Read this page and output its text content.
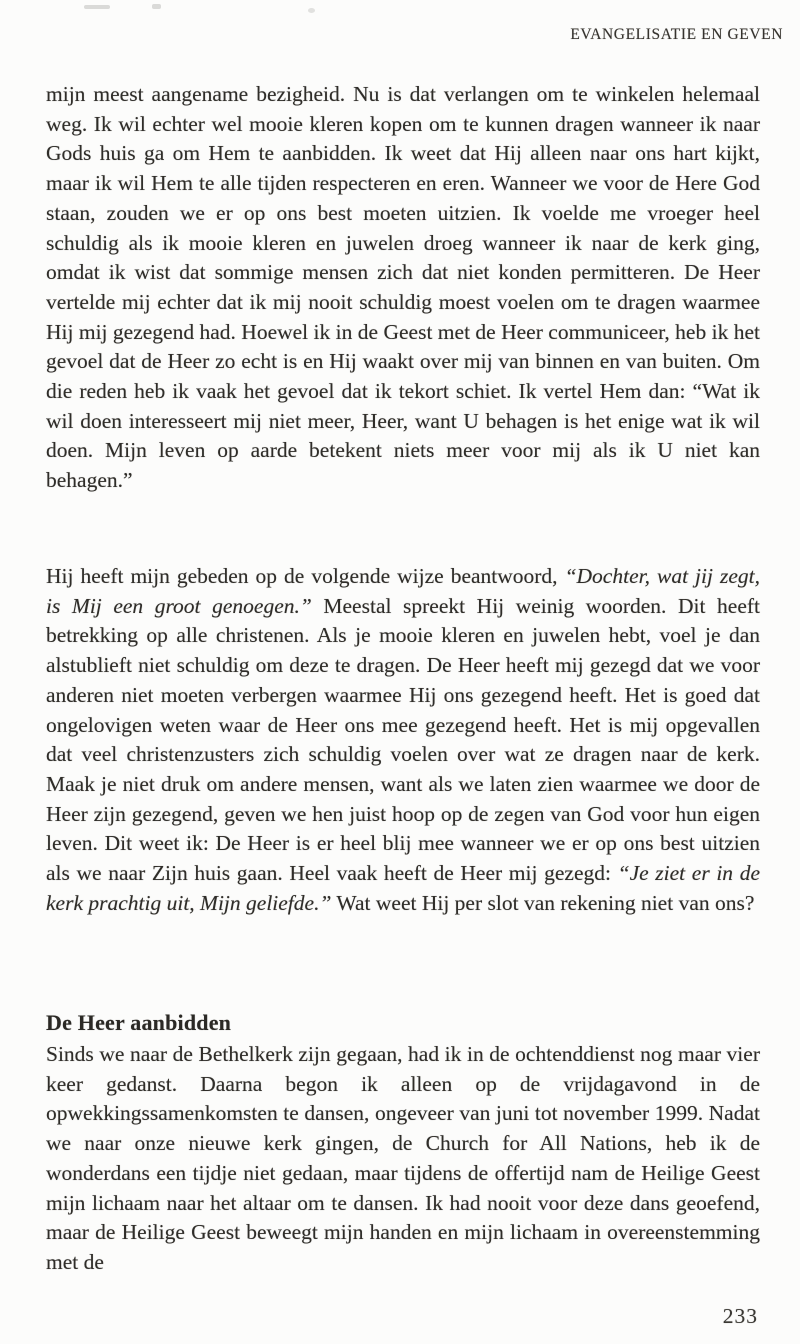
EVANGELISATIE EN GEVEN

mijn meest aangename bezigheid. Nu is dat verlangen om te winkelen helemaal weg. Ik wil echter wel mooie kleren kopen om te kunnen dragen wanneer ik naar Gods huis ga om Hem te aanbidden. Ik weet dat Hij alleen naar ons hart kijkt, maar ik wil Hem te alle tijden respecteren en eren. Wanneer we voor de Here God staan, zouden we er op ons best moeten uitzien. Ik voelde me vroeger heel schuldig als ik mooie kleren en juwelen droeg wanneer ik naar de kerk ging, omdat ik wist dat sommige mensen zich dat niet konden permitteren. De Heer vertelde mij echter dat ik mij nooit schuldig moest voelen om te dragen waarmee Hij mij gezegend had. Hoewel ik in de Geest met de Heer communiceer, heb ik het gevoel dat de Heer zo echt is en Hij waakt over mij van binnen en van buiten. Om die reden heb ik vaak het gevoel dat ik tekort schiet. Ik vertel Hem dan: “Wat ik wil doen interesseert mij niet meer, Heer, want U behagen is het enige wat ik wil doen. Mijn leven op aarde betekent niets meer voor mij als ik U niet kan behagen.”

Hij heeft mijn gebeden op de volgende wijze beantwoord, “Dochter, wat jij zegt, is Mij een groot genoegen.” Meestal spreekt Hij weinig woorden. Dit heeft betrekking op alle christenen. Als je mooie kleren en juwelen hebt, voel je dan alstublieft niet schuldig om deze te dragen. De Heer heeft mij gezegd dat we voor anderen niet moeten verbergen waarmee Hij ons gezegend heeft. Het is goed dat ongelovigen weten waar de Heer ons mee gezegend heeft. Het is mij opgevallen dat veel christenzusters zich schuldig voelen over wat ze dragen naar de kerk. Maak je niet druk om andere mensen, want als we laten zien waarmee we door de Heer zijn gezegend, geven we hen juist hoop op de zegen van God voor hun eigen leven. Dit weet ik: De Heer is er heel blij mee wanneer we er op ons best uitzien als we naar Zijn huis gaan. Heel vaak heeft de Heer mij gezegd: “Je ziet er in de kerk prachtig uit, Mijn geliefde.” Wat weet Hij per slot van rekening niet van ons?

De Heer aanbidden

Sinds we naar de Bethelkerk zijn gegaan, had ik in de ochtenddienst nog maar vier keer gedanst. Daarna begon ik alleen op de vrijdagavond in de opwekkingssamenkomsten te dansen, ongeveer van juni tot november 1999. Nadat we naar onze nieuwe kerk gingen, de Church for All Nations, heb ik de wonderdans een tijdje niet gedaan, maar tijdens de offertijd nam de Heilige Geest mijn lichaam naar het altaar om te dansen. Ik had nooit voor deze dans geoefend, maar de Heilige Geest beweegt mijn handen en mijn lichaam in overeenstemming met de

233
